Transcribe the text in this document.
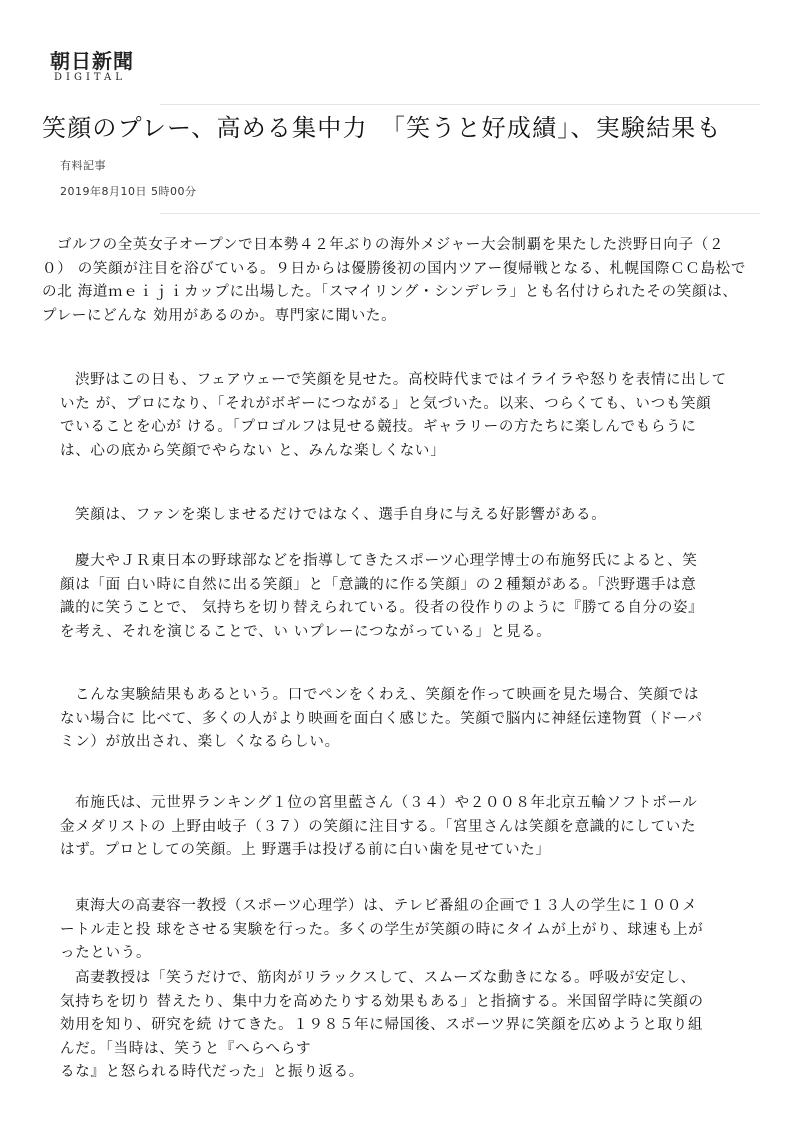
朝日新聞
DIGITAL
笑顔のプレー、高める集中力　「笑うと好成績」、実験結果も
有料記事
2019年8月10日 5時00分

ゴルフの全英女子オープンで日本勢４２年ぶりの海外メジャー大会制覇を果たした渋野日向子（２
０） の笑顔が注目を浴びている。９日からは優勝後初の国内ツアー復帰戦となる、札幌国際ＣＣ島松で
の北 海道ｍｅｉｊｉカップに出場した。「スマイリング・シンデレラ」とも名付けられたその笑顔は、
プレーにどんな 効用があるのか。専門家に聞いた。

渋野はこの日も、フェアウェーで笑顔を見せた。高校時代まではイライラや怒りを表情に出して
いた が、プロになり、「それがボギーにつながる」と気づいた。以来、つらくても、いつも笑顔
でいることを心が ける。「プロゴルフは見せる競技。ギャラリーの方たちに楽しんでもらうに
は、心の底から笑顔でやらない と、みんな楽しくない」

笑顔は、ファンを楽しませるだけではなく、選手自身に与える好影響がある。

慶大やＪＲ東日本の野球部などを指導してきたスポーツ心理学博士の布施努氏によると、笑
顔は「面 白い時に自然に出る笑顔」と「意識的に作る笑顔」の２種類がある。「渋野選手は意
識的に笑うことで、 気持ちを切り替えられている。役者の役作りのように『勝てる自分の姿』
を考え、それを演じることで、い いプレーにつながっている」と見る。

こんな実験結果もあるという。口でペンをくわえ、笑顔を作って映画を見た場合、笑顔では
ない場合に 比べて、多くの人がより映画を面白く感じた。笑顔で脳内に神経伝達物質（ドーパ
ミン）が放出され、楽し くなるらしい。

布施氏は、元世界ランキング１位の宮里藍さん（３４）や２００８年北京五輪ソフトボール
金メダリストの 上野由岐子（３７）の笑顔に注目する。「宮里さんは笑顔を意識的にしていた
はず。プロとしての笑顔。上 野選手は投げる前に白い歯を見せていた」

東海大の高妻容一教授（スポーツ心理学）は、テレビ番組の企画で１３人の学生に１００メ
ートル走と投 球をさせる実験を行った。多くの学生が笑顔の時にタイムが上がり、球速も上が
ったという。

高妻教授は「笑うだけで、筋肉がリラックスして、スムーズな動きになる。呼吸が安定し、
気持ちを切り 替えたり、集中力を高めたりする効果もある」と指摘する。米国留学時に笑顔の
効用を知り、研究を続 けてきた。１９８５年に帰国後、スポーツ界に笑顔を広めようと取り組
んだ。「当時は、笑うと『へらへらす
るな』と怒られる時代だった」と振り返る。
